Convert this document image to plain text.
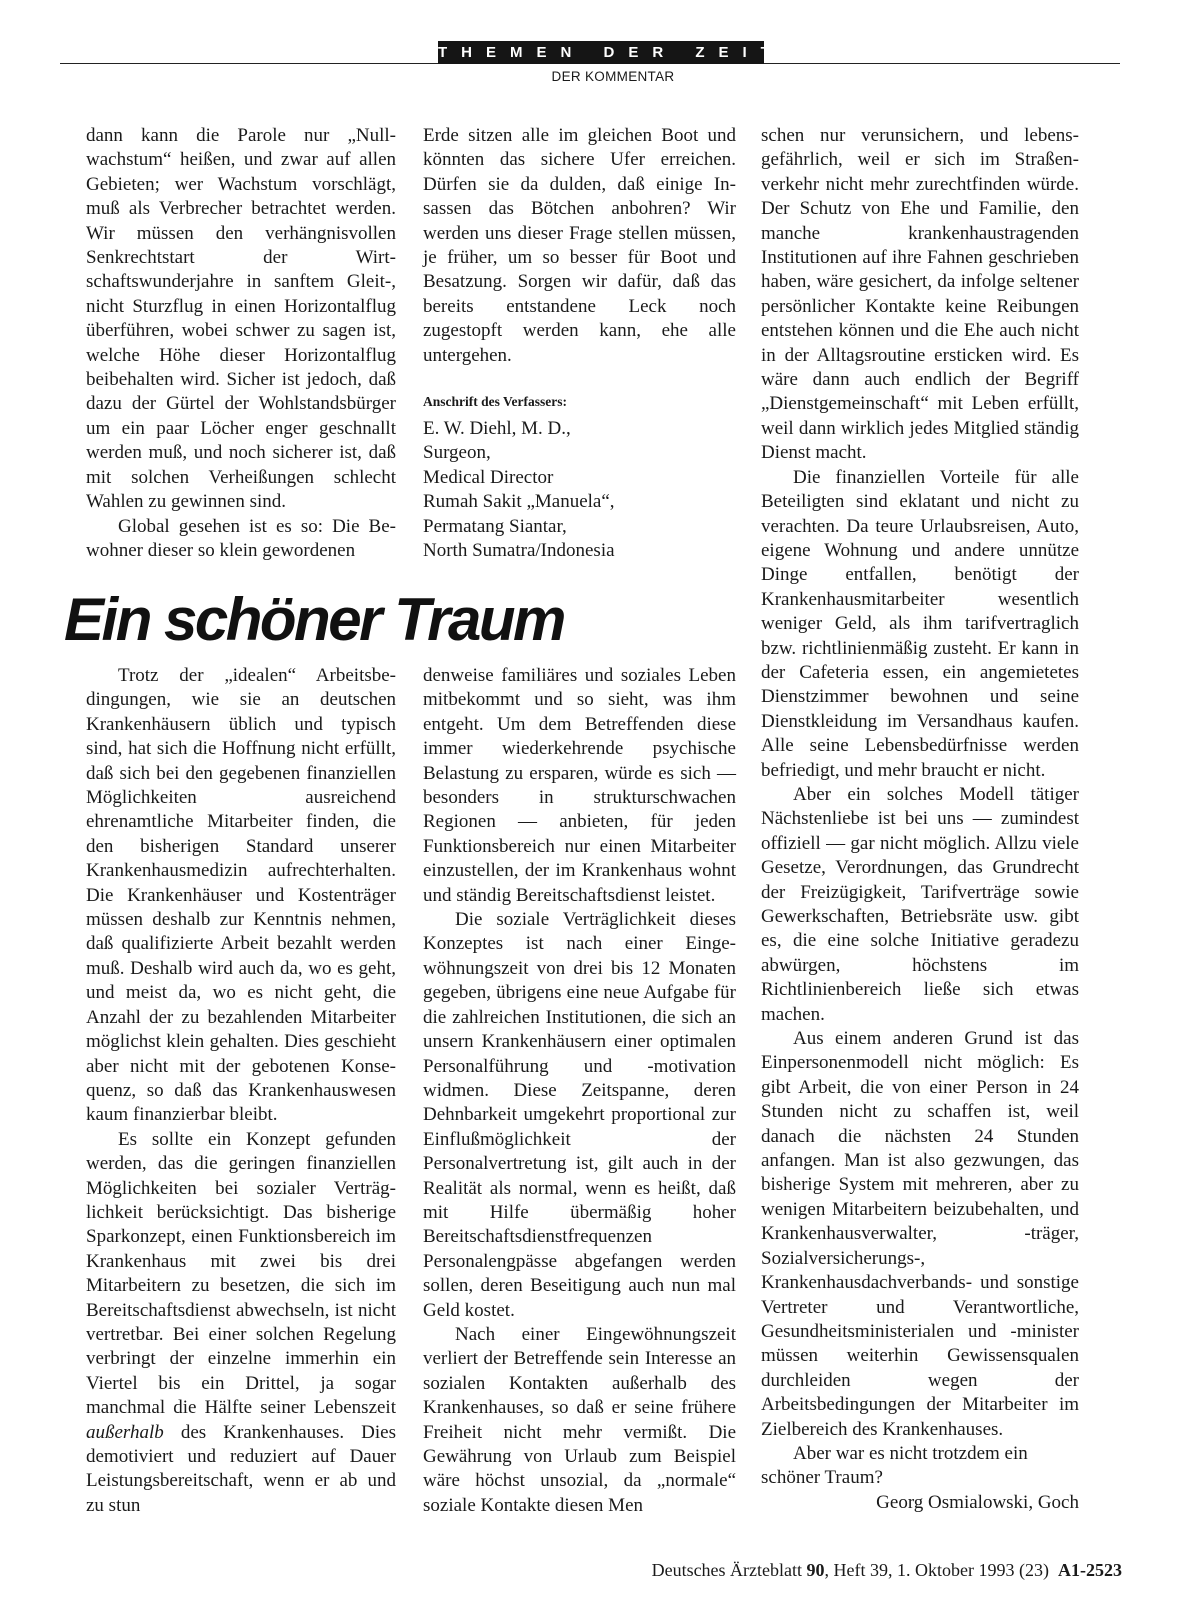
THEMEN DER ZEIT
DER KOMMENTAR

dann kann die Parole nur „Nullwachstum“ heißen, und zwar auf allen Gebieten; wer Wachstum vorschlägt, muß als Verbrecher betrachtet werden. Wir müssen den verhängnisvollen Senkrechtstart der Wirtschaftswunderjahre in sanftem Gleit-, nicht Sturzflug in einen Horizontalflug überführen, wobei schwer zu sagen ist, welche Höhe dieser Horizontalflug beibehalten wird. Sicher ist jedoch, daß dazu der Gürtel der Wohlstandsbürger um ein paar Löcher enger geschnallt werden muß, und noch sicherer ist, daß mit solchen Verheißungen schlecht Wahlen zu gewinnen sind.

Global gesehen ist es so: Die Bewohner dieser so klein gewordenen

Erde sitzen alle im gleichen Boot und könnten das sichere Ufer erreichen. Dürfen sie da dulden, daß einige Insassen das Bötchen anbohren? Wir werden uns dieser Frage stellen müssen, je früher, um so besser für Boot und Besatzung. Sorgen wir dafür, daß das bereits entstandene Leck noch zugestopft werden kann, ehe alle untergehen.

Anschrift des Verfassers:
E. W. Diehl, M. D.,
Surgeon,
Medical Director
Rumah Sakit „Manuela“,
Permatang Siantar,
North Sumatra/Indonesia
Ein schöner Traum

Trotz der „idealen“ Arbeitsbedingungen, wie sie an deutschen Krankenhäusern üblich und typisch sind, hat sich die Hoffnung nicht erfüllt, daß sich bei den gegebenen finanziellen Möglichkeiten ausreichend ehrenamtliche Mitarbeiter finden, die den bisherigen Standard unserer Krankenhausmedizin aufrechterhalten. Die Krankenhäuser und Kostenträger müssen deshalb zur Kenntnis nehmen, daß qualifizierte Arbeit bezahlt werden muß. Deshalb wird auch da, wo es geht, und meist da, wo es nicht geht, die Anzahl der zu bezahlenden Mitarbeiter möglichst klein gehalten. Dies geschieht aber nicht mit der gebotenen Konsequenz, so daß das Krankenhauswesen kaum finanzierbar bleibt.

Es sollte ein Konzept gefunden werden, das die geringen finanziellen Möglichkeiten bei sozialer Verträglichkeit berücksichtigt. Das bisherige Sparkonzept, einen Funktionsbereich im Krankenhaus mit zwei bis drei Mitarbeitern zu besetzen, die sich im Bereitschaftsdienst abwechseln, ist nicht vertretbar. Bei einer solchen Regelung verbringt der einzelne immerhin ein Viertel bis ein Drittel, ja sogar manchmal die Hälfte seiner Lebenszeit außerhalb des Krankenhauses. Dies demotiviert und reduziert auf Dauer Leistungsbereitschaft, wenn er ab und zu stun

denweise familiäres und soziales Leben mitbekommt und so sieht, was ihm entgeht. Um dem Betreffenden diese immer wiederkehrende psychische Belastung zu ersparen, würde es sich — besonders in strukturschwachen Regionen — anbieten, für jeden Funktionsbereich nur einen Mitarbeiter einzustellen, der im Krankenhaus wohnt und ständig Bereitschaftsdienst leistet.

Die soziale Verträglichkeit dieses Konzeptes ist nach einer Eingewöhnungszeit von drei bis 12 Monaten gegeben, übrigens eine neue Aufgabe für die zahlreichen Institutionen, die sich an unsern Krankenhäusern einer optimalen Personalführung und -motivation widmen. Diese Zeitspanne, deren Dehnbarkeit umgekehrt proportional zur Einflußmöglichkeit der Personalvertretung ist, gilt auch in der Realität als normal, wenn es heißt, daß mit Hilfe übermäßig hoher Bereitschaftsdienstfrequenzen Personalengpässe abgefangen werden sollen, deren Beseitigung auch nun mal Geld kostet.

Nach einer Eingewöhnungszeit verliert der Betreffende sein Interesse an sozialen Kontakten außerhalb des Krankenhauses, so daß er seine frühere Freiheit nicht mehr vermißt. Die Gewährung von Urlaub zum Beispiel wäre höchst unsozial, da „normale“ soziale Kontakte diesen Men

schen nur verunsichern, und lebensgefährlich, weil er sich im Straßenverkehr nicht mehr zurechtfinden würde. Der Schutz von Ehe und Familie, den manche krankenhaustragenden Institutionen auf ihre Fahnen geschrieben haben, wäre gesichert, da infolge seltener persönlicher Kontakte keine Reibungen entstehen können und die Ehe auch nicht in der Alltagsroutine ersticken wird. Es wäre dann auch endlich der Begriff „Dienstgemeinschaft“ mit Leben erfüllt, weil dann wirklich jedes Mitglied ständig Dienst macht.

Die finanziellen Vorteile für alle Beteiligten sind eklatant und nicht zu verachten. Da teure Urlaubsreisen, Auto, eigene Wohnung und andere unnütze Dinge entfallen, benötigt der Krankenhausmitarbeiter wesentlich weniger Geld, als ihm tarifvertraglich bzw. richtlinienmäßig zusteht. Er kann in der Cafeteria essen, ein angemietetes Dienstzimmer bewohnen und seine Dienstkleidung im Versandhaus kaufen. Alle seine Lebensbedürfnisse werden befriedigt, und mehr braucht er nicht.

Aber ein solches Modell tätiger Nächstenliebe ist bei uns — zumindest offiziell — gar nicht möglich. Allzu viele Gesetze, Verordnungen, das Grundrecht der Freizügigkeit, Tarifverträge sowie Gewerkschaften, Betriebsräte usw. gibt es, die eine solche Initiative geradezu abwürgen, höchstens im Richtlinienbereich ließe sich etwas machen.

Aus einem anderen Grund ist das Einpersonenmodell nicht möglich: Es gibt Arbeit, die von einer Person in 24 Stunden nicht zu schaffen ist, weil danach die nächsten 24 Stunden anfangen. Man ist also gezwungen, das bisherige System mit mehreren, aber zu wenigen Mitarbeitern beizubehalten, und Krankenhausverwalter, -träger, Sozialversicherungs-, Krankenhausdachverbands- und sonstige Vertreter und Verantwortliche, Gesundheitsministerialen und -minister müssen weiterhin Gewissensqualen durchleiden wegen der Arbeitsbedingungen der Mitarbeiter im Zielbereich des Krankenhauses.

Aber war es nicht trotzdem ein schöner Traum?

Georg Osmialowski, Goch

Deutsches Ärzteblatt 90, Heft 39, 1. Oktober 1993 (23) A1-2523
